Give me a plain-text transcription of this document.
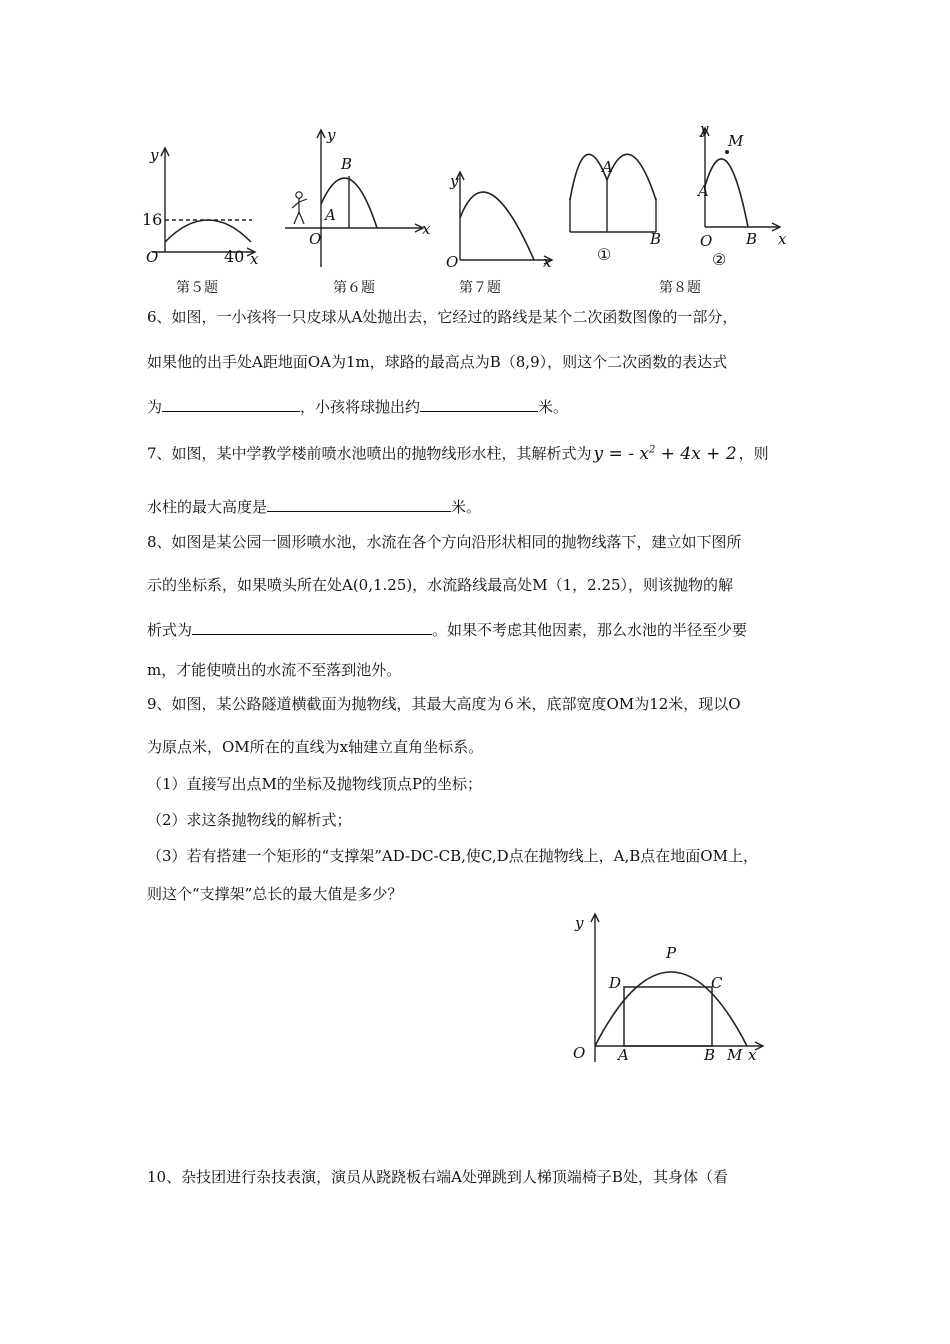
y
16
O	40 x
第５题
y
B
A
O
x
第６题
y
O	x
第７题
A
B
①
y
M
A
O B x
②
第８题
6、如图，一小孩将一只皮球从A处抛出去，它经过的路线是某个二次函数图像的一部分，
如果他的出手处A距地面OA为1m，球路的最高点为B（8,9），则这个二次函数的表达式
为	，小孩将球抛出约	米。
7、如图，某中学教学楼前喷水池喷出的抛物线形水柱，其解析式为 y = - $x^2 + 4x + 2$ ，则
水柱的最大高度是	米。
8、如图是某公园一圆形喷水池，水流在各个方向沿形状相同的抛物线落下，建立如下图所
示的坐标系，如果喷头所在处A(0,1.25)，水流路线最高处M（1，2.25），则该抛物的解
析式为	。如果不考虑其他因素，那么水池的半径至少要
m，才能使喷出的水流不至落到池外。
9、如图，某公路隧道横截面为抛物线，其最大高度为６米，底部宽度OM为12米，现以O
为原点米，OM所在的直线为x轴建立直角坐标系。
（1）直接写出点M的坐标及抛物线顶点P的坐标；
（2）求这条抛物线的解析式；
（3）若有搭建一个矩形的“支撑架”AD-DC-CB,使C,D点在抛物线上，A,B点在地面OM上，
则这个“支撑架”总长的最大值是多少？
y
P
D	C
O A	B M x
10、杂技团进行杂技表演，演员从跷跷板右端A处弹跳到人梯顶端椅子B处，其身体（看
